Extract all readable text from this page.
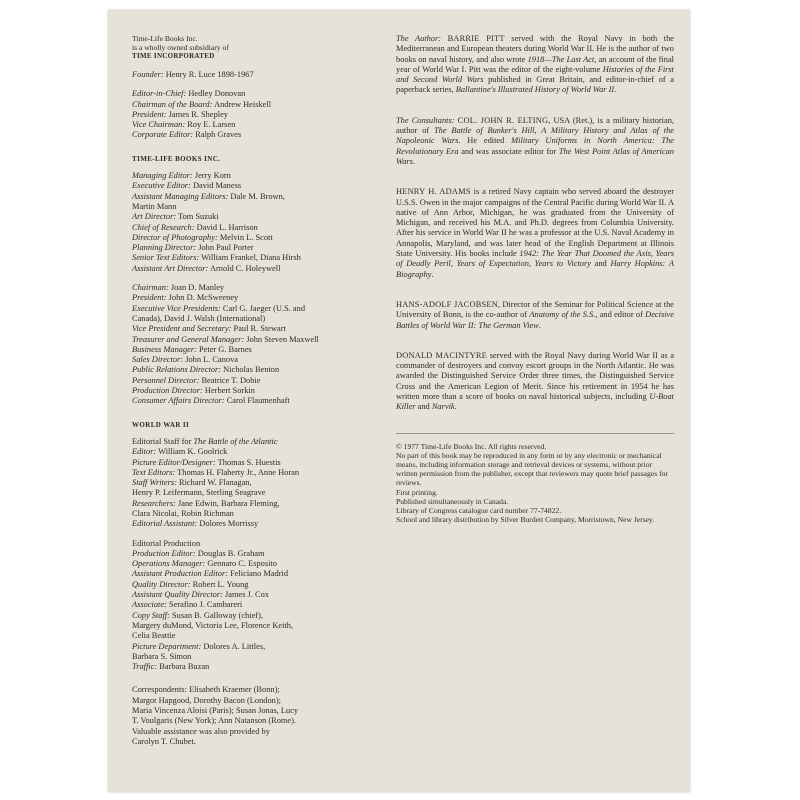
Time-Life Books Inc.
is a wholly owned subsidiary of
TIME INCORPORATED
Founder: Henry R. Luce 1898-1967
Editor-in-Chief: Hedley Donovan
Chairman of the Board: Andrew Heiskell
President: James R. Shepley
Vice Chairman: Roy E. Larsen
Corporate Editor: Ralph Graves
TIME-LIFE BOOKS INC.
Managing Editor: Jerry Korn
Executive Editor: David Maness
Assistant Managing Editors: Dale M. Brown,
Martin Mann
Art Director: Tom Suzuki
Chief of Research: David L. Harrison
Director of Photography: Melvin L. Scott
Planning Director: John Paul Porter
Senior Text Editors: William Frankel, Diana Hirsh
Assistant Art Director: Arnold C. Holeywell
Chairman: Joan D. Manley
President: John D. McSweeney
Executive Vice Presidents: Carl G. Jaeger (U.S. and
Canada), David J. Walsh (International)
Vice President and Secretary: Paul R. Stewart
Treasurer and General Manager: John Steven Maxwell
Business Manager: Peter G. Barnes
Sales Director: John L. Canova
Public Relations Director: Nicholas Benton
Personnel Director: Beatrice T. Dobie
Production Director: Herbert Sorkin
Consumer Affairs Director: Carol Flaumenhaft
WORLD WAR II
Editorial Staff for The Battle of the Atlantic
Editor: William K. Goolrick
Picture Editor/Designer: Thomas S. Huestis
Text Editors: Thomas H. Flaherty Jr., Anne Horan
Staff Writers: Richard W. Flanagan,
Henry P. Leifermann, Sterling Seagrave
Researchers: Jane Edwin, Barbara Fleming,
Clara Nicolai, Robin Richman
Editorial Assistant: Dolores Morrissy
Editorial Production
Production Editor: Douglas B. Graham
Operations Manager: Gennaro C. Esposito
Assistant Production Editor: Feliciano Madrid
Quality Director: Robert L. Young
Assistant Quality Director: James J. Cox
Associate: Serafino J. Cambareri
Copy Staff: Susan B. Galloway (chief),
Margery duMond, Victoria Lee, Florence Keith,
Celia Beattie
Picture Department: Dolores A. Littles,
Barbara S. Simon
Traffic: Barbara Buzan
Correspondents: Elisabeth Kraemer (Bonn);
Margot Hapgood, Dorothy Bacon (London);
Maria Vincenza Aloisi (Paris); Susan Jonas, Lucy
T. Voulgaris (New York); Ann Natanson (Rome).
Valuable assistance was also provided by
Carolyn T. Chubet.

The Author: BARRIE PITT served with the Royal Navy in both the Mediterranean and European theaters during World War II. He is the author of two books on naval history, and also wrote 1918—The Last Act, an account of the final year of World War I. Pitt was the editor of the eight-volume Histories of the First and Second World Wars published in Great Britain, and editor-in-chief of a paperback series, Ballantine's Illustrated History of World War II.

The Consultants: COL. JOHN R. ELTING, USA (Ret.), is a military historian, author of The Battle of Bunker's Hill, A Military History and Atlas of the Napoleonic Wars. He edited Military Uniforms in North America: The Revolutionary Era and was associate editor for The West Point Atlas of American Wars.

HENRY H. ADAMS is a retired Navy captain who served aboard the destroyer U.S.S. Owen in the major campaigns of the Central Pacific during World War II. A native of Ann Arbor, Michigan, he was graduated from the University of Michigan, and received his M.A. and Ph.D. degrees from Columbia University. After his service in World War II he was a professor at the U.S. Naval Academy in Annapolis, Maryland, and was later head of the English Department at Illinois State University. His books include 1942: The Year That Doomed the Axis, Years of Deadly Peril, Years of Expectation, Years to Victory and Harry Hopkins: A Biography.

HANS-ADOLF JACOBSEN, Director of the Seminar for Political Science at the University of Bonn, is the co-author of Anatomy of the S.S., and editor of Decisive Battles of World War II: The German View.

DONALD MACINTYRE served with the Royal Navy during World War II as a commander of destroyers and convoy escort groups in the North Atlantic. He was awarded the Distinguished Service Order three times, the Distinguished Service Cross and the American Legion of Merit. Since his retirement in 1954 he has written more than a score of books on naval historical subjects, including U-Boat Killer and Narvik.

© 1977 Time-Life Books Inc. All rights reserved.
No part of this book may be reproduced in any form or by any electronic or mechanical means, including information storage and retrieval devices or systems, without prior written permission from the publisher, except that reviewers may quote brief passages for reviews.
First printing.
Published simultaneously in Canada.
Library of Congress catalogue card number 77-74822.
School and library distribution by Silver Burdett Company, Morristown, New Jersey.
